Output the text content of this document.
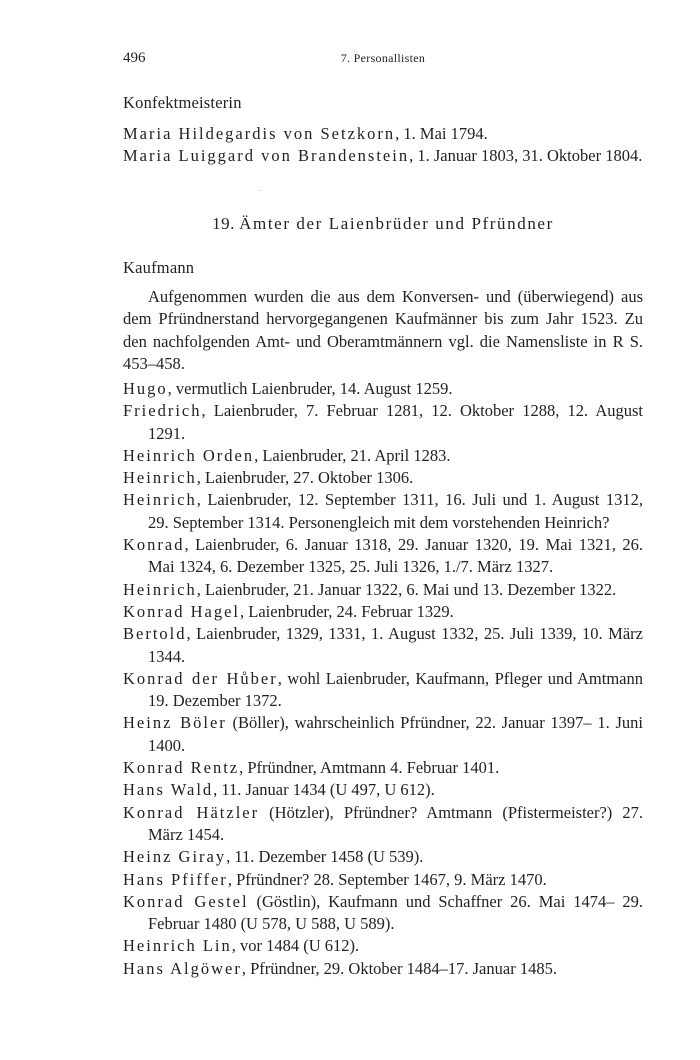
496	7. Personallisten
Konfektmeisterin
Maria Hildegardis von Setzkorn, 1. Mai 1794.
Maria Luiggard von Brandenstein, 1. Januar 1803, 31. Oktober 1804.
19. Ämter der Laienbrüder und Pfründner
Kaufmann
Aufgenommen wurden die aus dem Konversen- und (überwiegend) aus dem Pfründnerstand hervorgegangenen Kaufmänner bis zum Jahr 1523. Zu den nachfolgenden Amt- und Oberamtmännern vgl. die Namensliste in R S. 453–458.
Hugo, vermutlich Laienbruder, 14. August 1259.
Friedrich, Laienbruder, 7. Februar 1281, 12. Oktober 1288, 12. August 1291.
Heinrich Orden, Laienbruder, 21. April 1283.
Heinrich, Laienbruder, 27. Oktober 1306.
Heinrich, Laienbruder, 12. September 1311, 16. Juli und 1. August 1312, 29. September 1314. Personengleich mit dem vorstehenden Heinrich?
Konrad, Laienbruder, 6. Januar 1318, 29. Januar 1320, 19. Mai 1321, 26. Mai 1324, 6. Dezember 1325, 25. Juli 1326, 1./7. März 1327.
Heinrich, Laienbruder, 21. Januar 1322, 6. Mai und 13. Dezember 1322.
Konrad Hagel, Laienbruder, 24. Februar 1329.
Bertold, Laienbruder, 1329, 1331, 1. August 1332, 25. Juli 1339, 10. März 1344.
Konrad der Hůber, wohl Laienbruder, Kaufmann, Pfleger und Amtmann 19. Dezember 1372.
Heinz Böler (Böller), wahrscheinlich Pfründner, 22. Januar 1397– 1. Juni 1400.
Konrad Rentz, Pfründner, Amtmann 4. Februar 1401.
Hans Wald, 11. Januar 1434 (U 497, U 612).
Konrad Hätzler (Hötzler), Pfründner? Amtmann (Pfistermeister?) 27. März 1454.
Heinz Giray, 11. Dezember 1458 (U 539).
Hans Pfiffer, Pfründner? 28. September 1467, 9. März 1470.
Konrad Gestel (Göstlin), Kaufmann und Schaffner 26. Mai 1474– 29. Februar 1480 (U 578, U 588, U 589).
Heinrich Lin, vor 1484 (U 612).
Hans Algöwer, Pfründner, 29. Oktober 1484–17. Januar 1485.
